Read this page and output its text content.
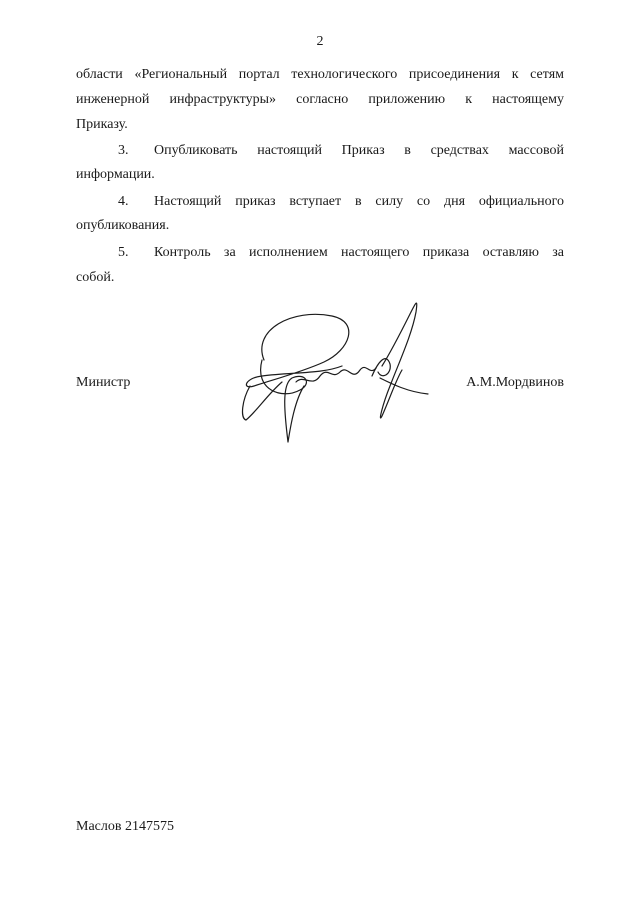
2
области «Региональный портал технологического присоединения к сетям
инженерной инфраструктуры» согласно приложению к настоящему
Приказу.
3. Опубликовать настоящий Приказ в средствах массовой
информации.
4. Настоящий приказ вступает в силу со дня официального
опубликования.
5. Контроль за исполнением настоящего приказа оставляю за
собой.
Министр	А.М.Мордвинов
Маслов 2147575
